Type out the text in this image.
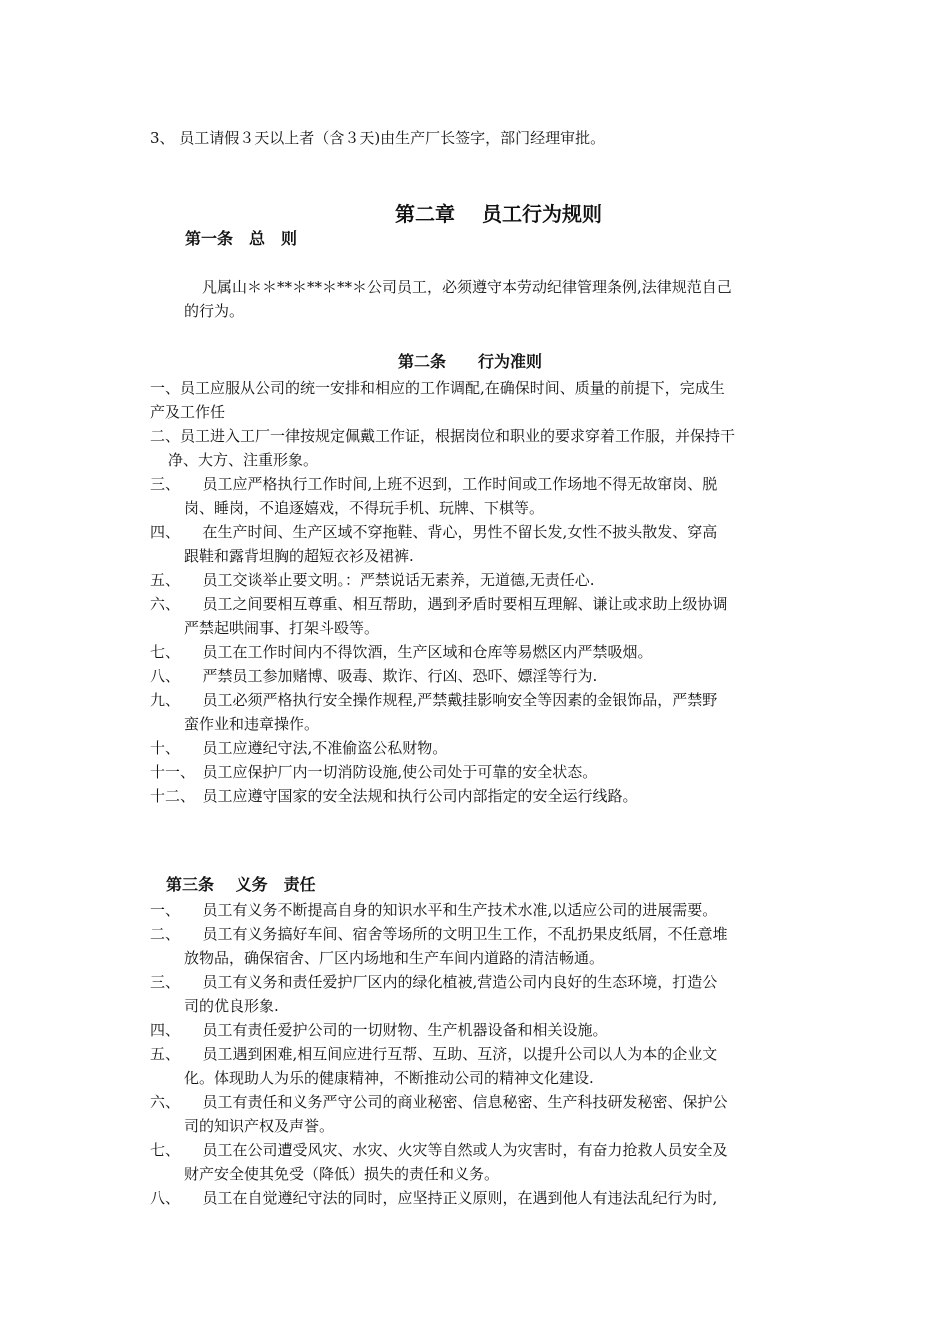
3、 员工请假３天以上者（含３天)由生产厂长签字，部门经理审批。
第二章　 员工行为规则
第一条　总　则

凡属山＊＊**＊**＊**＊公司员工，必须遵守本劳动纪律管理条例,法律规范自己

的行为。

第二条　　行为准则
一、员工应服从公司的统一安排和相应的工作调配,在确保时间、质量的前提下，完成生
产及工作任
二、员工进入工厂一律按规定佩戴工作证，根据岗位和职业的要求穿着工作服，并保持干
净、大方、注重形象。
三、　　员工应严格执行工作时间,上班不迟到，工作时间或工作场地不得无故窜岗、脱
岗、睡岗，不追逐嬉戏，不得玩手机、玩牌、下棋等。
四、　　在生产时间、生产区域不穿拖鞋、背心，男性不留长发,女性不披头散发、穿高
跟鞋和露背坦胸的超短衣衫及裙裤.
五、　　员工交谈举止要文明。：严禁说话无素养，无道德,无责任心.
六、　　员工之间要相互尊重、相互帮助，遇到矛盾时要相互理解、谦让或求助上级协调
严禁起哄闹事、打架斗殴等。
七、　　员工在工作时间内不得饮酒，生产区域和仓库等易燃区内严禁吸烟。
八、　　严禁员工参加赌博、吸毒、欺诈、行凶、恐吓、嫖淫等行为.
九、　　员工必须严格执行安全操作规程,严禁戴挂影响安全等因素的金银饰品，严禁野
蛮作业和违章操作。
十、　　员工应遵纪守法,不准偷盗公私财物。
十一、　员工应保护厂内一切消防设施,使公司处于可靠的安全状态。
十二、　员工应遵守国家的安全法规和执行公司内部指定的安全运行线路。
第三条　 义务　责任
一、　　员工有义务不断提高自身的知识水平和生产技术水准,以适应公司的进展需要。
二、　　员工有义务搞好车间、宿舍等场所的文明卫生工作，不乱扔果皮纸屑，不任意堆
放物品，确保宿舍、厂区内场地和生产车间内道路的清洁畅通。
三、　　员工有义务和责任爱护厂区内的绿化植被,营造公司内良好的生态环境，打造公
司的优良形象.
四、　　员工有责任爱护公司的一切财物、生产机器设备和相关设施。
五、　　员工遇到困难,相互间应进行互帮、互助、互济，以提升公司以人为本的企业文
化。体现助人为乐的健康精神，不断推动公司的精神文化建设.
六、　　员工有责任和义务严守公司的商业秘密、信息秘密、生产科技研发秘密、保护公
司的知识产权及声誉。
七、　　员工在公司遭受风灾、水灾、火灾等自然或人为灾害时，有奋力抢救人员安全及
财产安全使其免受（降低）损失的责任和义务。
八、　　员工在自觉遵纪守法的同时，应坚持正义原则，在遇到他人有违法乱纪行为时,
